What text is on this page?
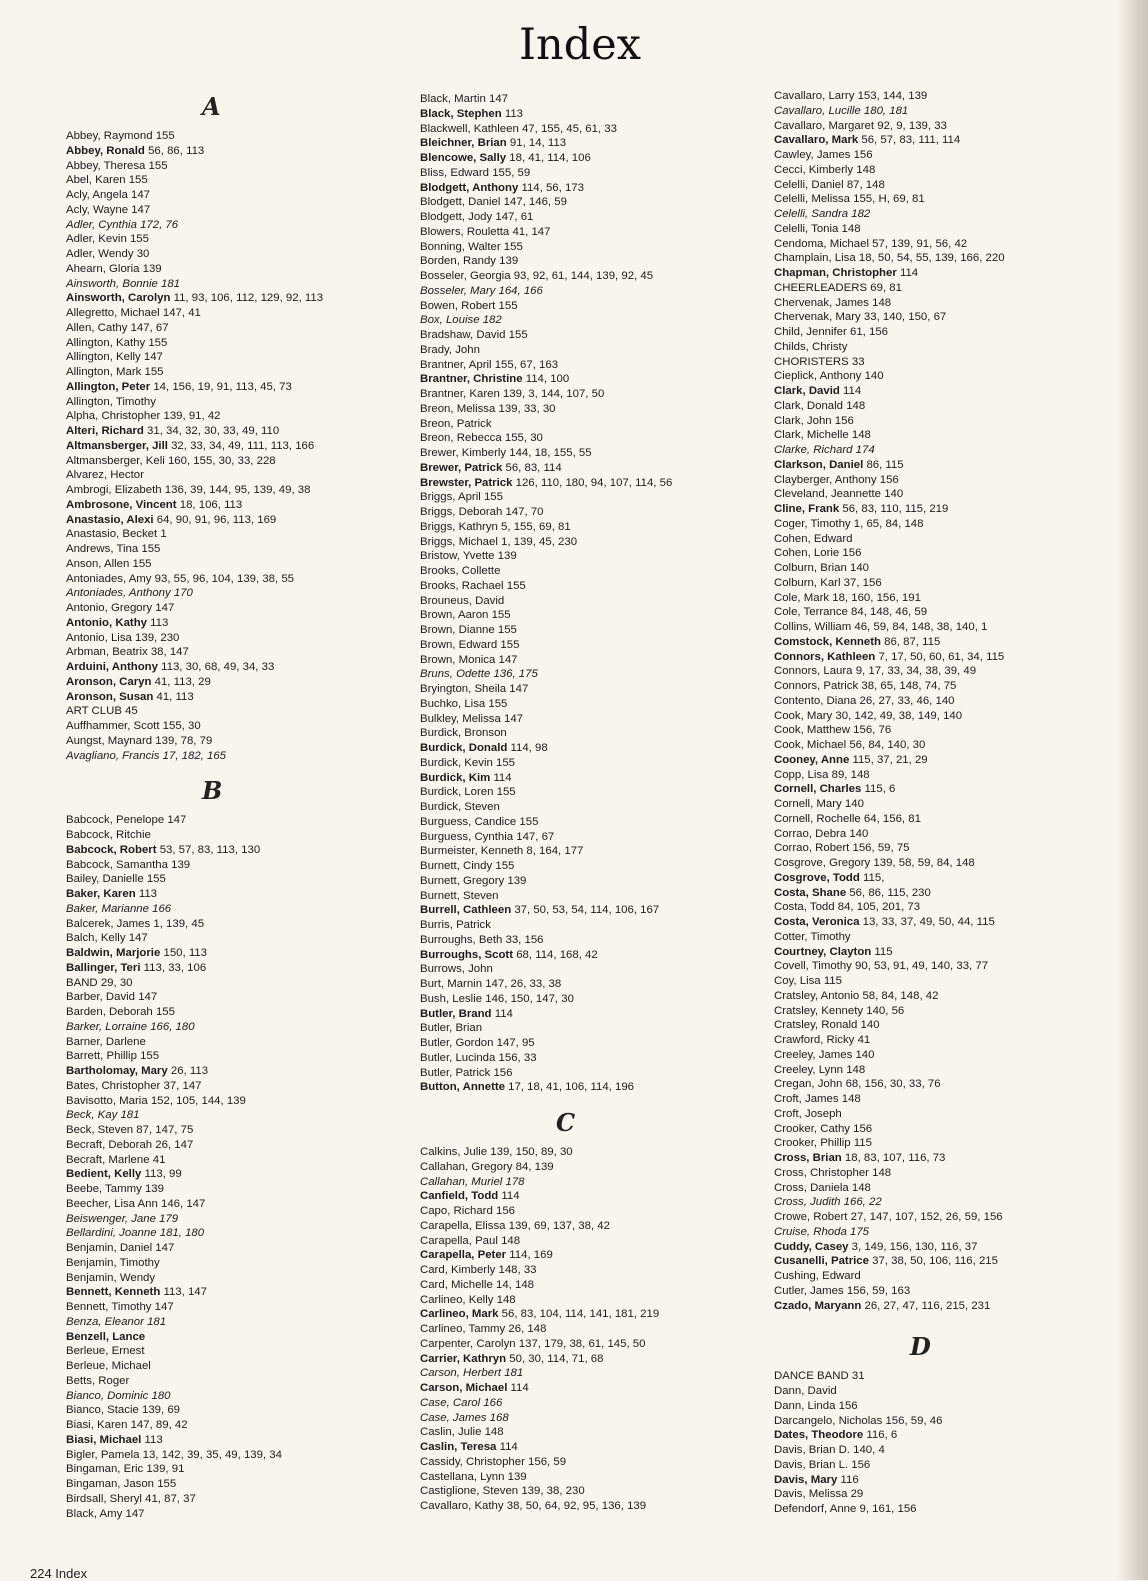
Index
A
Abbey, Raymond 155
Abbey, Ronald 56, 86, 113
Abbey, Theresa 155
Abel, Karen 155
Acly, Angela 147
Acly, Wayne 147
Adler, Cynthia 172, 76
Adler, Kevin 155
Adler, Wendy 30
Ahearn, Gloria 139
Ainsworth, Bonnie 181
Ainsworth, Carolyn 11, 93, 106, 112, 129, 92, 113
Allegretto, Michael 147, 41
Allen, Cathy 147, 67
Allington, Kathy 155
Allington, Kelly 147
Allington, Mark 155
Allington, Peter 14, 156, 19, 91, 113, 45, 73
Allington, Timothy
Alpha, Christopher 139, 91, 42
Alteri, Richard 31, 34, 32, 30, 33, 49, 110
Altmansberger, Jill 32, 33, 34, 49, 111, 113, 166
Altmansberger, Keli 160, 155, 30, 33, 228
Alvarez, Hector
Ambrogi, Elizabeth 136, 39, 144, 95, 139, 49, 38
Ambrosone, Vincent 18, 106, 113
Anastasio, Alexi 64, 90, 91, 96, 113, 169
Anastasio, Becket 1
Andrews, Tina 155
Anson, Allen 155
Antoniades, Amy 93, 55, 96, 104, 139, 38, 55
Antoniades, Anthony 170
Antonio, Gregory 147
Antonio, Kathy 113
Antonio, Lisa 139, 230
Arbman, Beatrix 38, 147
Arduini, Anthony 113, 30, 68, 49, 34, 33
Aronson, Caryn 41, 113, 29
Aronson, Susan 41, 113
ART CLUB 45
Auffhammer, Scott 155, 30
Aungst, Maynard 139, 78, 79
Avagliano, Francis 17, 182, 165
B
Babcock, Penelope 147
Babcock, Ritchie
Babcock, Robert 53, 57, 83, 113, 130
Babcock, Samantha 139
Bailey, Danielle 155
Baker, Karen 113
Baker, Marianne 166
Balcerek, James 1, 139, 45
Balch, Kelly 147
Baldwin, Marjorie 150, 113
Ballinger, Teri 113, 33, 106
BAND 29, 30
Barber, David 147
Barden, Deborah 155
Barker, Lorraine 166, 180
Barner, Darlene
Barrett, Phillip 155
Bartholomay, Mary 26, 113
Bates, Christopher 37, 147
Bavisotto, Maria 152, 105, 144, 139
Beck, Kay 181
Beck, Steven 87, 147, 75
Becraft, Deborah 26, 147
Becraft, Marlene 41
Bedient, Kelly 113, 99
Beebe, Tammy 139
Beecher, Lisa Ann 146, 147
Beiswenger, Jane 179
Bellardini, Joanne 181, 180
Benjamin, Daniel 147
Benjamin, Timothy
Benjamin, Wendy
Bennett, Kenneth 113, 147
Bennett, Timothy 147
Benza, Eleanor 181
Benzell, Lance
Berleue, Ernest
Berleue, Michael
Betts, Roger
Bianco, Dominic 180
Bianco, Stacie 139, 69
Biasi, Karen 147, 89, 42
Biasi, Michael 113
Bigler, Pamela 13, 142, 39, 35, 49, 139, 34
Bingaman, Eric 139, 91
Bingaman, Jason 155
Birdsall, Sheryl 41, 87, 37
Black, Amy 147
Black, Martin 147
Black, Stephen 113
Blackwell, Kathleen 47, 155, 45, 61, 33
Bleichner, Brian 91, 14, 113
Blencowe, Sally 18, 41, 114, 106
Bliss, Edward 155, 59
Blodgett, Anthony 114, 56, 173
Blodgett, Daniel 147, 146, 59
Blodgett, Jody 147, 61
Blowers, Rouletta 41, 147
Bonning, Walter 155
Borden, Randy 139
Bosseler, Georgia 93, 92, 61, 144, 139, 92, 45
Bosseler, Mary 164, 166
Bowen, Robert 155
Box, Louise 182
Bradshaw, David 155
Brady, John
Brantner, April 155, 67, 163
Brantner, Christine 114, 100
Brantner, Karen 139, 3, 144, 107, 50
Breon, Melissa 139, 33, 30
Breon, Patrick
Breon, Rebecca 155, 30
Brewer, Kimberly 144, 18, 155, 55
Brewer, Patrick 56, 83, 114
Brewster, Patrick 126, 110, 180, 94, 107, 114, 56
Briggs, April 155
Briggs, Deborah 147, 70
Briggs, Kathryn 5, 155, 69, 81
Briggs, Michael 1, 139, 45, 230
Bristow, Yvette 139
Brooks, Collette
Brooks, Rachael 155
Brouneus, David
Brown, Aaron 155
Brown, Dianne 155
Brown, Edward 155
Brown, Monica 147
Bruns, Odette 136, 175
Bryington, Sheila 147
Buchko, Lisa 155
Bulkley, Melissa 147
Burdick, Bronson
Burdick, Donald 114, 98
Burdick, Kevin 155
Burdick, Kim 114
Burdick, Loren 155
Burdick, Steven
Burguess, Candice 155
Burguess, Cynthia 147, 67
Burmeister, Kenneth 8, 164, 177
Burnett, Cindy 155
Burnett, Gregory 139
Burnett, Steven
Burrell, Cathleen 37, 50, 53, 54, 114, 106, 167
Burris, Patrick
Burroughs, Beth 33, 156
Burroughs, Scott 68, 114, 168, 42
Burrows, John
Burt, Marnin 147, 26, 33, 38
Bush, Leslie 146, 150, 147, 30
Butler, Brand 114
Butler, Brian
Butler, Gordon 147, 95
Butler, Lucinda 156, 33
Butler, Patrick 156
Button, Annette 17, 18, 41, 106, 114, 196
C
Calkins, Julie 139, 150, 89, 30
Callahan, Gregory 84, 139
Callahan, Muriel 178
Canfield, Todd 114
Capo, Richard 156
Carapella, Elissa 139, 69, 137, 38, 42
Carapella, Paul 148
Carapella, Peter 114, 169
Card, Kimberly 148, 33
Card, Michelle 14, 148
Carlineo, Kelly 148
Carlineo, Mark 56, 83, 104, 114, 141, 181, 219
Carlineo, Tammy 26, 148
Carpenter, Carolyn 137, 179, 38, 61, 145, 50
Carrier, Kathryn 50, 30, 114, 71, 68
Carson, Herbert 181
Carson, Michael 114
Case, Carol 166
Case, James 168
Caslin, Julie 148
Caslin, Teresa 114
Cassidy, Christopher 156, 59
Castellana, Lynn 139
Castiglione, Steven 139, 38, 230
Cavallaro, Kathy 38, 50, 64, 92, 95, 136, 139
Cavallaro, Larry 153, 144, 139
Cavallaro, Lucille 180, 181
Cavallaro, Margaret 92, 9, 139, 33
Cavallaro, Mark 56, 57, 83, 111, 114
Cawley, James 156
Cecci, Kimberly 148
Celelli, Daniel 87, 148
Celelli, Melissa 155, H, 69, 81
Celelli, Sandra 182
Celelli, Tonia 148
Cendoma, Michael 57, 139, 91, 56, 42
Champlain, Lisa 18, 50, 54, 55, 139, 166, 220
Chapman, Christopher 114
CHEERLEADERS 69, 81
Chervenak, James 148
Chervenak, Mary 33, 140, 150, 67
Child, Jennifer 61, 156
Childs, Christy
CHORISTERS 33
Cieplick, Anthony 140
Clark, David 114
Clark, Donald 148
Clark, John 156
Clark, Michelle 148
Clarke, Richard 174
Clarkson, Daniel 86, 115
Clayberger, Anthony 156
Cleveland, Jeannette 140
Cline, Frank 56, 83, 110, 115, 219
Coger, Timothy 1, 65, 84, 148
Cohen, Edward
Cohen, Lorie 156
Colburn, Brian 140
Colburn, Karl 37, 156
Cole, Mark 18, 160, 156, 191
Cole, Terrance 84, 148, 46, 59
Collins, William 46, 59, 84, 148, 38, 140, 1
Comstock, Kenneth 86, 87, 115
Connors, Kathleen 7, 17, 50, 60, 61, 34, 115
Connors, Laura 9, 17, 33, 34, 38, 39, 49
Connors, Patrick 38, 65, 148, 74, 75
Contento, Diana 26, 27, 33, 46, 140
Cook, Mary 30, 142, 49, 38, 149, 140
Cook, Matthew 156, 76
Cook, Michael 56, 84, 140, 30
Cooney, Anne 115, 37, 21, 29
Copp, Lisa 89, 148
Cornell, Charles 115, 6
Cornell, Mary 140
Cornell, Rochelle 64, 156, 81
Corrao, Debra 140
Corrao, Robert 156, 59, 75
Cosgrove, Gregory 139, 58, 59, 84, 148
Cosgrove, Todd 115,
Costa, Shane 56, 86, 115, 230
Costa, Todd 84, 105, 201, 73
Costa, Veronica 13, 33, 37, 49, 50, 44, 115
Cotter, Timothy
Courtney, Clayton 115
Covell, Timothy 90, 53, 91, 49, 140, 33, 77
Coy, Lisa 115
Cratsley, Antonio 58, 84, 148, 42
Cratsley, Kennety 140, 56
Cratsley, Ronald 140
Crawford, Ricky 41
Creeley, James 140
Creeley, Lynn 148
Cregan, John 68, 156, 30, 33, 76
Croft, James 148
Croft, Joseph
Crooker, Cathy 156
Crooker, Phillip 115
Cross, Brian 18, 83, 107, 116, 73
Cross, Christopher 148
Cross, Daniela 148
Cross, Judith 166, 22
Crowe, Robert 27, 147, 107, 152, 26, 59, 156
Cruise, Rhoda 175
Cuddy, Casey 3, 149, 156, 130, 116, 37
Cusanelli, Patrice 37, 38, 50, 106, 116, 215
Cushing, Edward
Cutler, James 156, 59, 163
Czado, Maryann 26, 27, 47, 116, 215, 231
D
DANCE BAND 31
Dann, David
Dann, Linda 156
Darcangelo, Nicholas 156, 59, 46
Dates, Theodore 116, 6
Davis, Brian D. 140, 4
Davis, Brian L. 156
Davis, Mary 116
Davis, Melissa 29
Defendorf, Anne 9, 161, 156
224 Index
